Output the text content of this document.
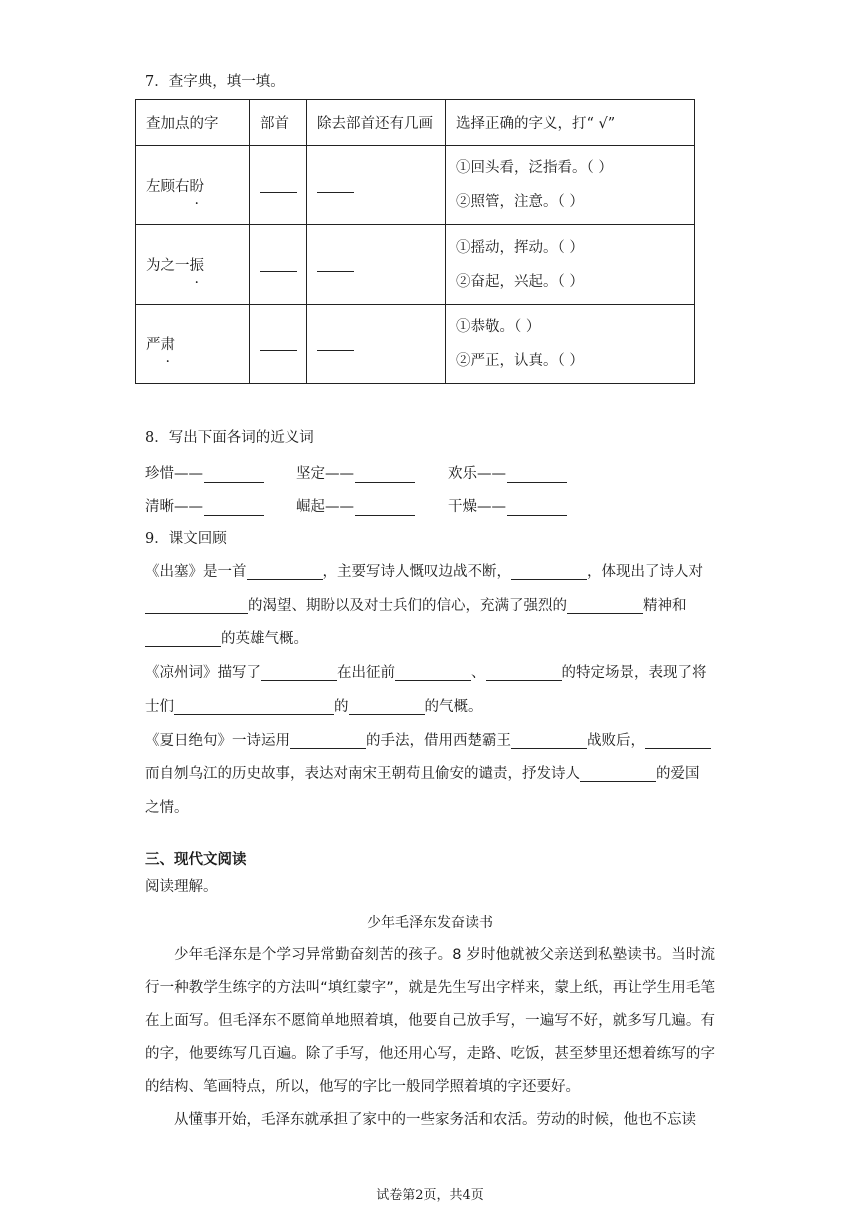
7．查字典，填一填。
查加点的字	部首	除去部首还有几画	选择正确的字义，打“ √”
左顾右盼			①回头看，泛指看。（ ）
②照管，注意。（ ）

为之一振			①摇动，挥动。（ ）
②奋起，兴起。（ ）

严肃			①恭敬。（ ）
②严正，认真。（ ）
8．写出下面各词的近义词
珍惜——	坚定——	欢乐——
清晰——	崛起——	干燥——
9．课文回顾
《出塞》是一首	，主要写诗人慨叹边战不断，	，体现出了诗人对
的渴望、期盼以及对士兵们的信心，充满了强烈的	精神和
的英雄气概。
《凉州词》描写了	在出征前	、	的特定场景，表现了将
士们	的	的气概。
《夏日绝句》一诗运用	的手法，借用西楚霸王	战败后，
而自刎乌江的历史故事，表达对南宋王朝苟且偷安的谴责，抒发诗人	的爱国
之情。
三、现代文阅读
阅读理解。
少年毛泽东发奋读书

少年毛泽东是个学习异常勤奋刻苦的孩子。8 岁时他就被父亲送到私塾读书。当时流行一种教学生练字的方法叫“填红蒙字”，就是先生写出字样来，蒙上纸，再让学生用毛笔在上面写。但毛泽东不愿简单地照着填，他要自己放手写，一遍写不好，就多写几遍。有的字，他要练写几百遍。除了手写，他还用心写，走路、吃饭，甚至梦里还想着练写的字的结构、笔画特点，所以，他写的字比一般同学照着填的字还要好。

从懂事开始，毛泽东就承担了家中的一些家务活和农活。劳动的时候，他也不忘读

试卷第2页，共4页
